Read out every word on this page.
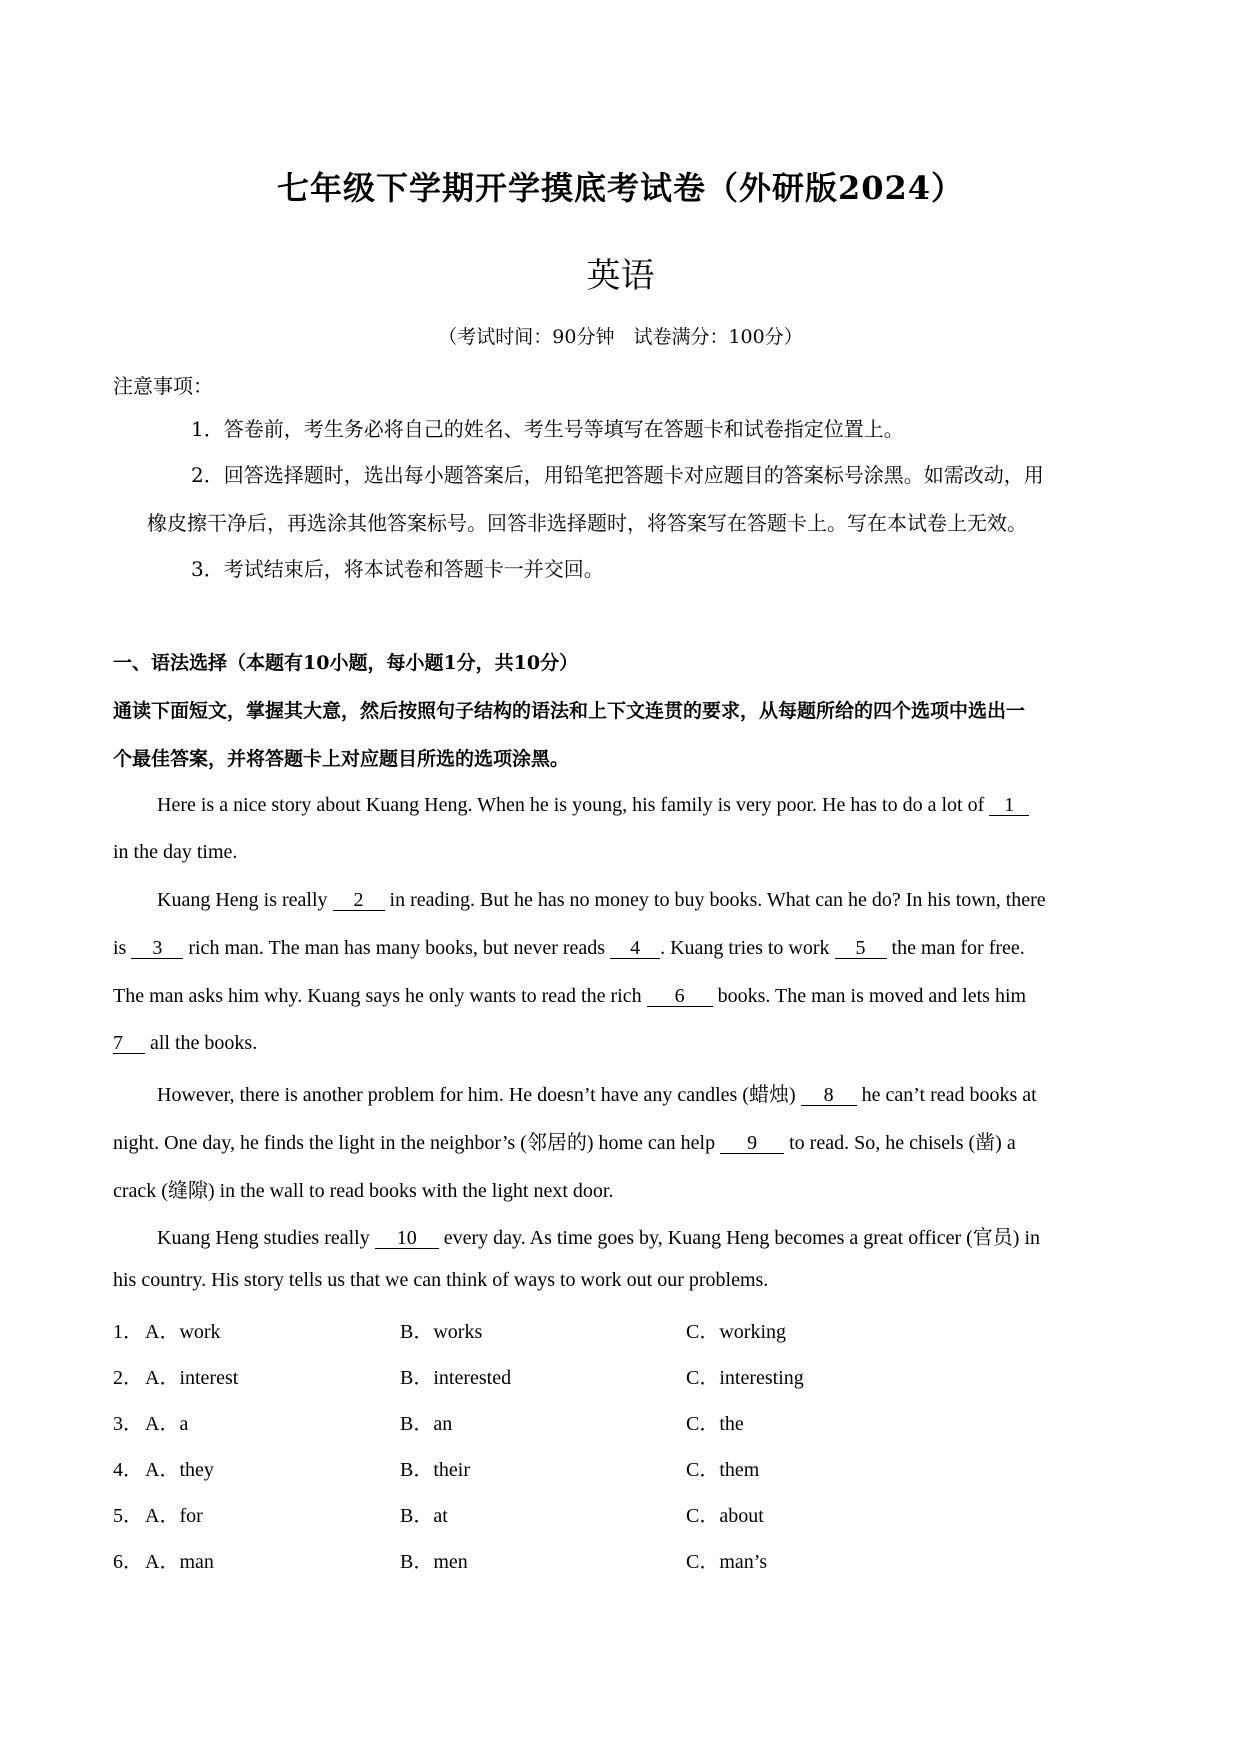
七年级下学期开学摸底考试卷（外研版2024）
英语
（考试时间：90分钟　试卷满分：100分）
注意事项：
1．答卷前，考生务必将自己的姓名、考生号等填写在答题卡和试卷指定位置上。
2．回答选择题时，选出每小题答案后，用铅笔把答题卡对应题目的答案标号涂黑。如需改动，用
橡皮擦干净后，再选涂其他答案标号。回答非选择题时，将答案写在答题卡上。写在本试卷上无效。
3．考试结束后，将本试卷和答题卡一并交回。
一、语法选择（本题有10小题，每小题1分，共10分）
通读下面短文，掌握其大意，然后按照句子结构的语法和上下文连贯的要求，从每题所给的四个选项中选出一
个最佳答案，并将答题卡上对应题目所选的选项涂黑。
Here is a nice story about Kuang Heng. When he is young, his family is very poor. He has to do a lot of 1
in the day time.
Kuang Heng is really 2 in reading. But he has no money to buy books. What can he do? In his town, there
is 3 rich man. The man has many books, but never reads 4 . Kuang tries to work 5 the man for free.
The man asks him why. Kuang says he only wants to read the rich 6 books. The man is moved and lets him
7 all the books.
However, there is another problem for him. He doesn’t have any candles (蜡烛) 8 he can’t read books at
night. One day, he finds the light in the neighbor’s (邻居的) home can help 9 to read. So, he chisels (凿) a
crack (缝隙) in the wall to read books with the light next door.
Kuang Heng studies really 10 every day. As time goes by, Kuang Heng becomes a great officer (官员) in
his country. His story tells us that we can think of ways to work out our problems.
1． A．work	B．works	C．working
2． A．interest	B．interested	C．interesting
3． A．a	B．an	C．the
4． A．they	B．their	C．them
5． A．for	B．at	C．about
6． A．man	B．men	C．man’s
